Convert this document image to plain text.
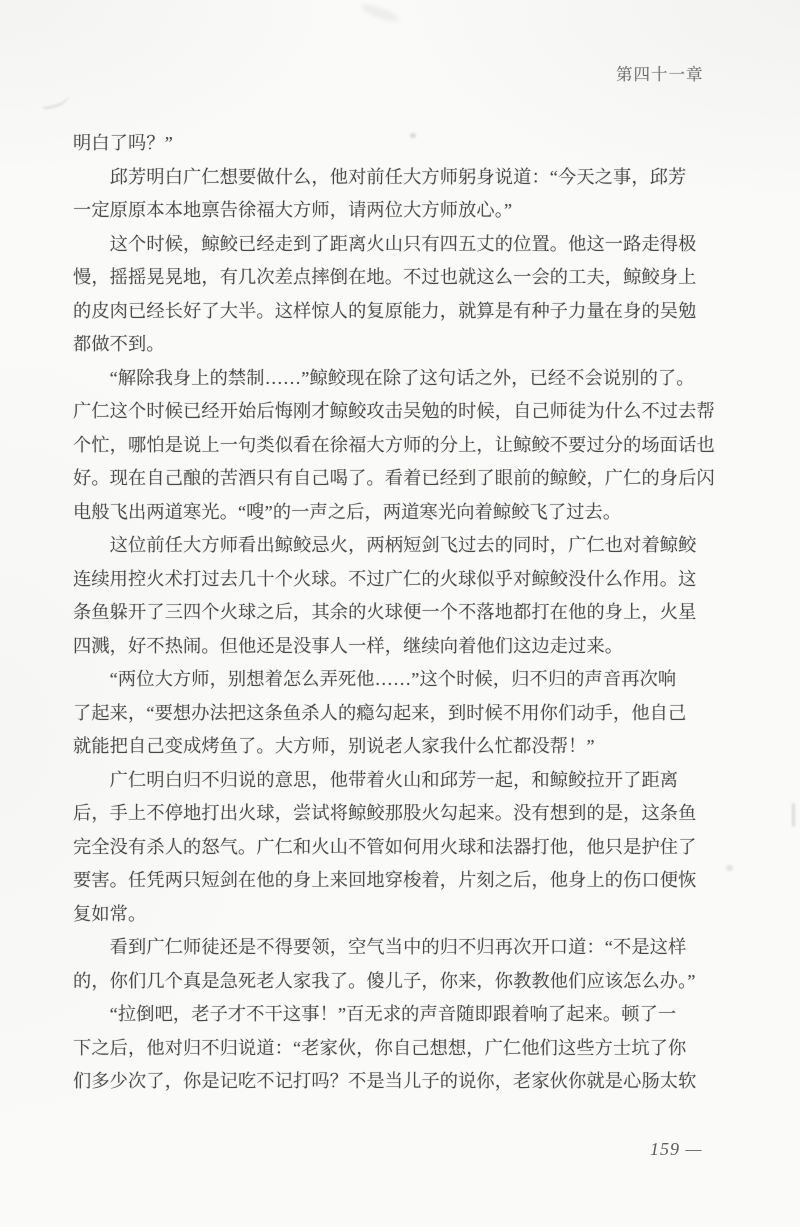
第四十一章
明白了吗？”
　　邱芳明白广仁想要做什么，他对前任大方师躬身说道：“今天之事，邱芳
一定原原本本地禀告徐福大方师，请两位大方师放心。”
　　这个时候，鲸鲛已经走到了距离火山只有四五丈的位置。他这一路走得极
慢，摇摇晃晃地，有几次差点摔倒在地。不过也就这么一会的工夫，鲸鲛身上
的皮肉已经长好了大半。这样惊人的复原能力，就算是有种子力量在身的吴勉
都做不到。
　　“解除我身上的禁制……”鲸鲛现在除了这句话之外，已经不会说别的了。
广仁这个时候已经开始后悔刚才鲸鲛攻击吴勉的时候，自己师徒为什么不过去帮
个忙，哪怕是说上一句类似看在徐福大方师的分上，让鲸鲛不要过分的场面话也
好。现在自己酿的苦酒只有自己喝了。看着已经到了眼前的鲸鲛，广仁的身后闪
电般飞出两道寒光。“嗖”的一声之后，两道寒光向着鲸鲛飞了过去。
　　这位前任大方师看出鲸鲛忌火，两柄短剑飞过去的同时，广仁也对着鲸鲛
连续用控火术打过去几十个火球。不过广仁的火球似乎对鲸鲛没什么作用。这
条鱼躲开了三四个火球之后，其余的火球便一个不落地都打在他的身上，火星
四溅，好不热闹。但他还是没事人一样，继续向着他们这边走过来。
　　“两位大方师，别想着怎么弄死他……”这个时候，归不归的声音再次响
了起来，“要想办法把这条鱼杀人的瘾勾起来，到时候不用你们动手，他自己
就能把自己变成烤鱼了。大方师，别说老人家我什么忙都没帮！”
　　广仁明白归不归说的意思，他带着火山和邱芳一起，和鲸鲛拉开了距离
后，手上不停地打出火球，尝试将鲸鲛那股火勾起来。没有想到的是，这条鱼
完全没有杀人的怒气。广仁和火山不管如何用火球和法器打他，他只是护住了
要害。任凭两只短剑在他的身上来回地穿梭着，片刻之后，他身上的伤口便恢
复如常。
　　看到广仁师徒还是不得要领，空气当中的归不归再次开口道：“不是这样
的，你们几个真是急死老人家我了。傻儿子，你来，你教教他们应该怎么办。”
　　“拉倒吧，老子才不干这事！”百无求的声音随即跟着响了起来。顿了一
下之后，他对归不归说道：“老家伙，你自己想想，广仁他们这些方士坑了你
们多少次了，你是记吃不记打吗？不是当儿子的说你，老家伙你就是心肠太软
159 —
